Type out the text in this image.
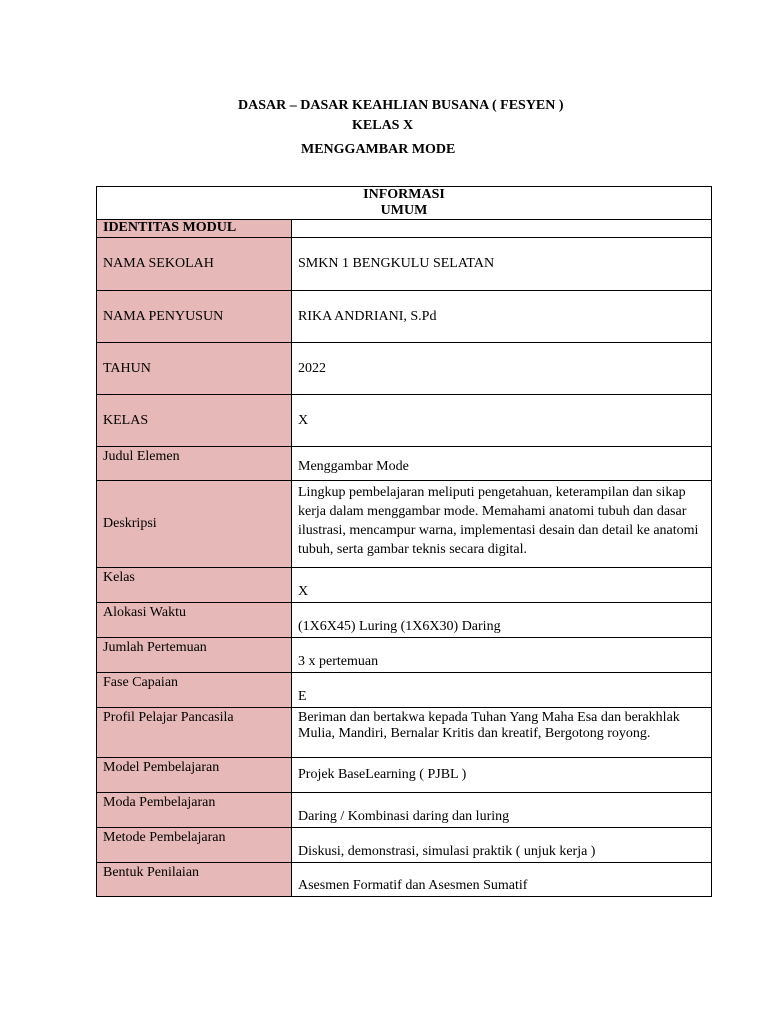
DASAR – DASAR KEAHLIAN BUSANA ( FESYEN )
KELAS X
MENGGAMBAR MODE
INFORMASI
UMUM	

IDENTITAS MODUL	
NAMA SEKOLAH	SMKN 1 BENGKULU SELATAN
NAMA PENYUSUN	RIKA ANDRIANI, S.Pd
TAHUN	2022
KELAS	X
Judul Elemen	Menggambar Mode
Deskripsi	Lingkup pembelajaran meliputi pengetahuan, keterampilan dan sikap kerja dalam menggambar mode. Memahami anatomi tubuh dan dasar ilustrasi, mencampur warna, implementasi desain dan detail ke anatomi tubuh, serta gambar teknis secara digital.
Kelas	X
Alokasi Waktu	(1X6X45) Luring (1X6X30) Daring
Jumlah Pertemuan	3 x pertemuan
Fase Capaian	E
Profil Pelajar Pancasila	Beriman dan bertakwa kepada Tuhan Yang Maha Esa dan berakhlak
Mulia, Mandiri, Bernalar Kritis dan kreatif, Bergotong royong.

Model Pembelajaran	Projek BaseLearning ( PJBL )
Moda Pembelajaran	Daring / Kombinasi daring dan luring
Metode Pembelajaran	Diskusi, demonstrasi, simulasi praktik ( unjuk kerja )
Bentuk Penilaian	Asesmen Formatif dan Asesmen Sumatif
